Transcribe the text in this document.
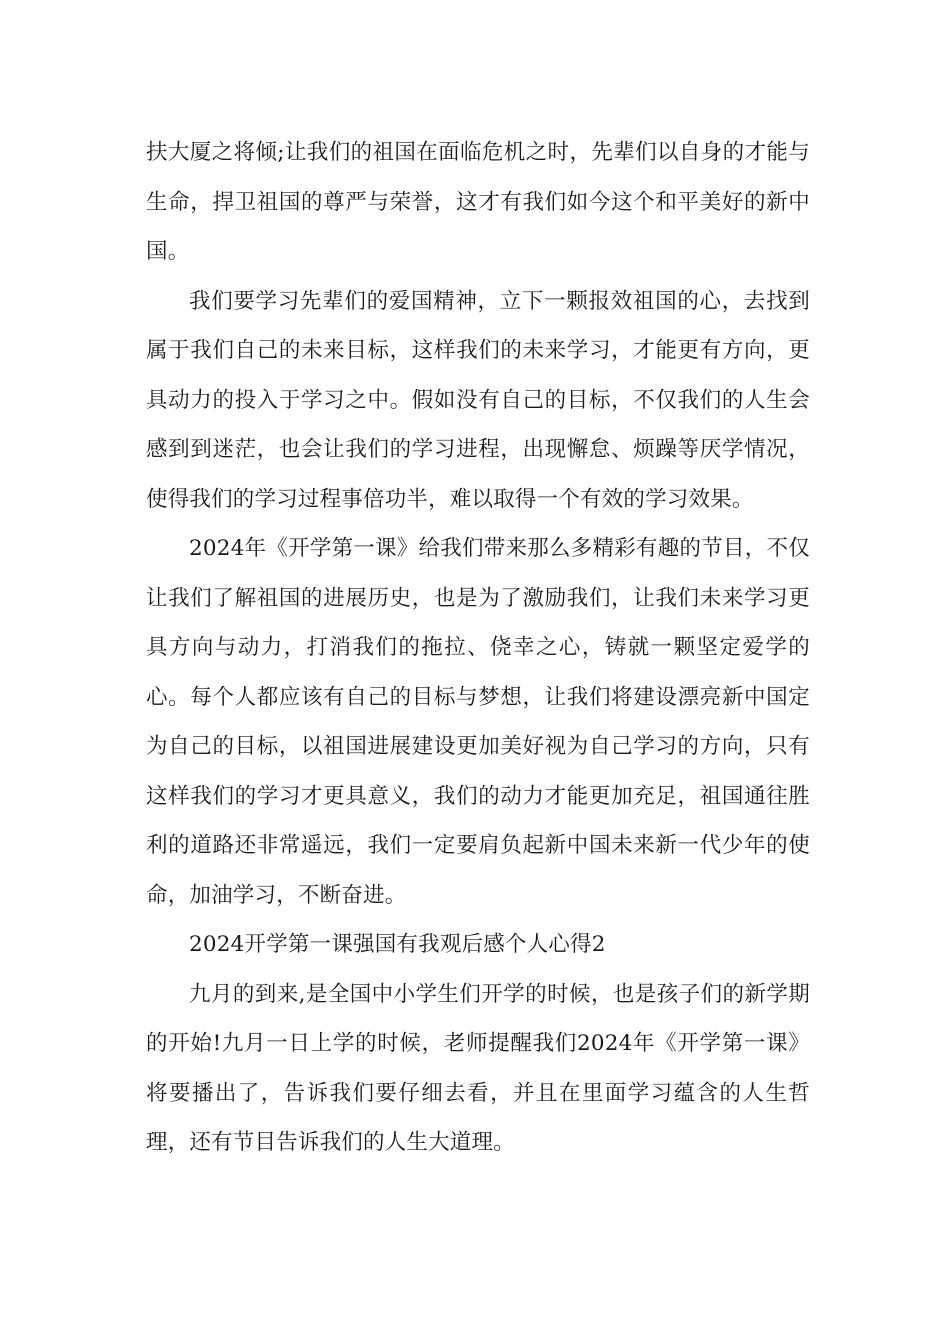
扶大厦之将倾;让我们的祖国在面临危机之时，先辈们以自身的才能与生命，捍卫祖国的尊严与荣誉，这才有我们如今这个和平美好的新中国。

我们要学习先辈们的爱国精神，立下一颗报效祖国的心，去找到属于我们自己的未来目标，这样我们的未来学习，才能更有方向，更具动力的投入于学习之中。假如没有自己的目标，不仅我们的人生会感到到迷茫，也会让我们的学习进程，出现懈怠、烦躁等厌学情况，使得我们的学习过程事倍功半，难以取得一个有效的学习效果。

2024年《开学第一课》给我们带来那么多精彩有趣的节目，不仅让我们了解祖国的进展历史，也是为了激励我们，让我们未来学习更具方向与动力，打消我们的拖拉、侥幸之心，铸就一颗坚定爱学的心。每个人都应该有自己的目标与梦想，让我们将建设漂亮新中国定为自己的目标，以祖国进展建设更加美好视为自己学习的方向，只有这样我们的学习才更具意义，我们的动力才能更加充足，祖国通往胜利的道路还非常遥远，我们一定要肩负起新中国未来新一代少年的使命，加油学习，不断奋进。

2024开学第一课强国有我观后感个人心得2

九月的到来,是全国中小学生们开学的时候，也是孩子们的新学期的开始!九月一日上学的时候，老师提醒我们2024年《开学第一课》将要播出了，告诉我们要仔细去看，并且在里面学习蕴含的人生哲理，还有节目告诉我们的人生大道理。
